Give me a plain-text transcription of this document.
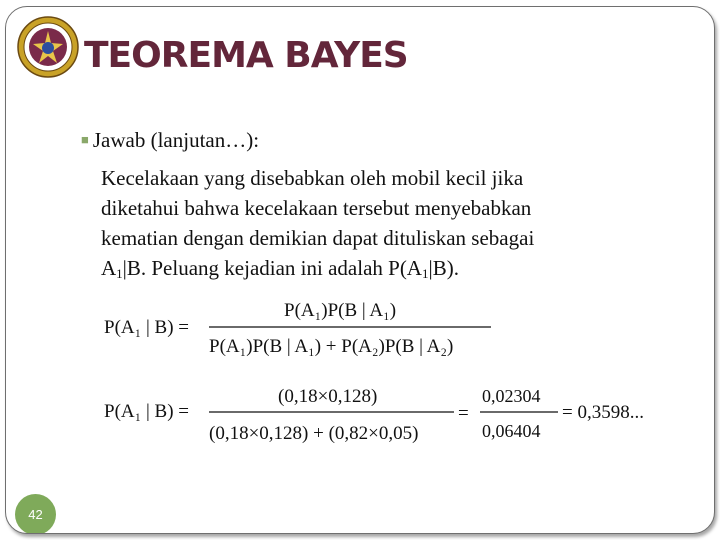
TEOREMA BAYES
■ Jawab (lanjutan…):
Kecelakaan yang disebabkan oleh mobil kecil jika
diketahui bahwa kecelakaan tersebut menyebabkan
kematian dengan demikian dapat dituliskan sebagai
$A_1|B$. Peluang kejadian ini adalah $P(A_1|B)$.
P(A₁ | B) =
P(A₁)P(B | A₁)
P(A₁)P(B | A₁) + P(A₂)P(B | A₂)
P(A₁ | B) =
(0,18×0,128)
(0,18×0,128) + (0,82×0,05)
=
0,02304
0,06404
= 0,3598...
42
